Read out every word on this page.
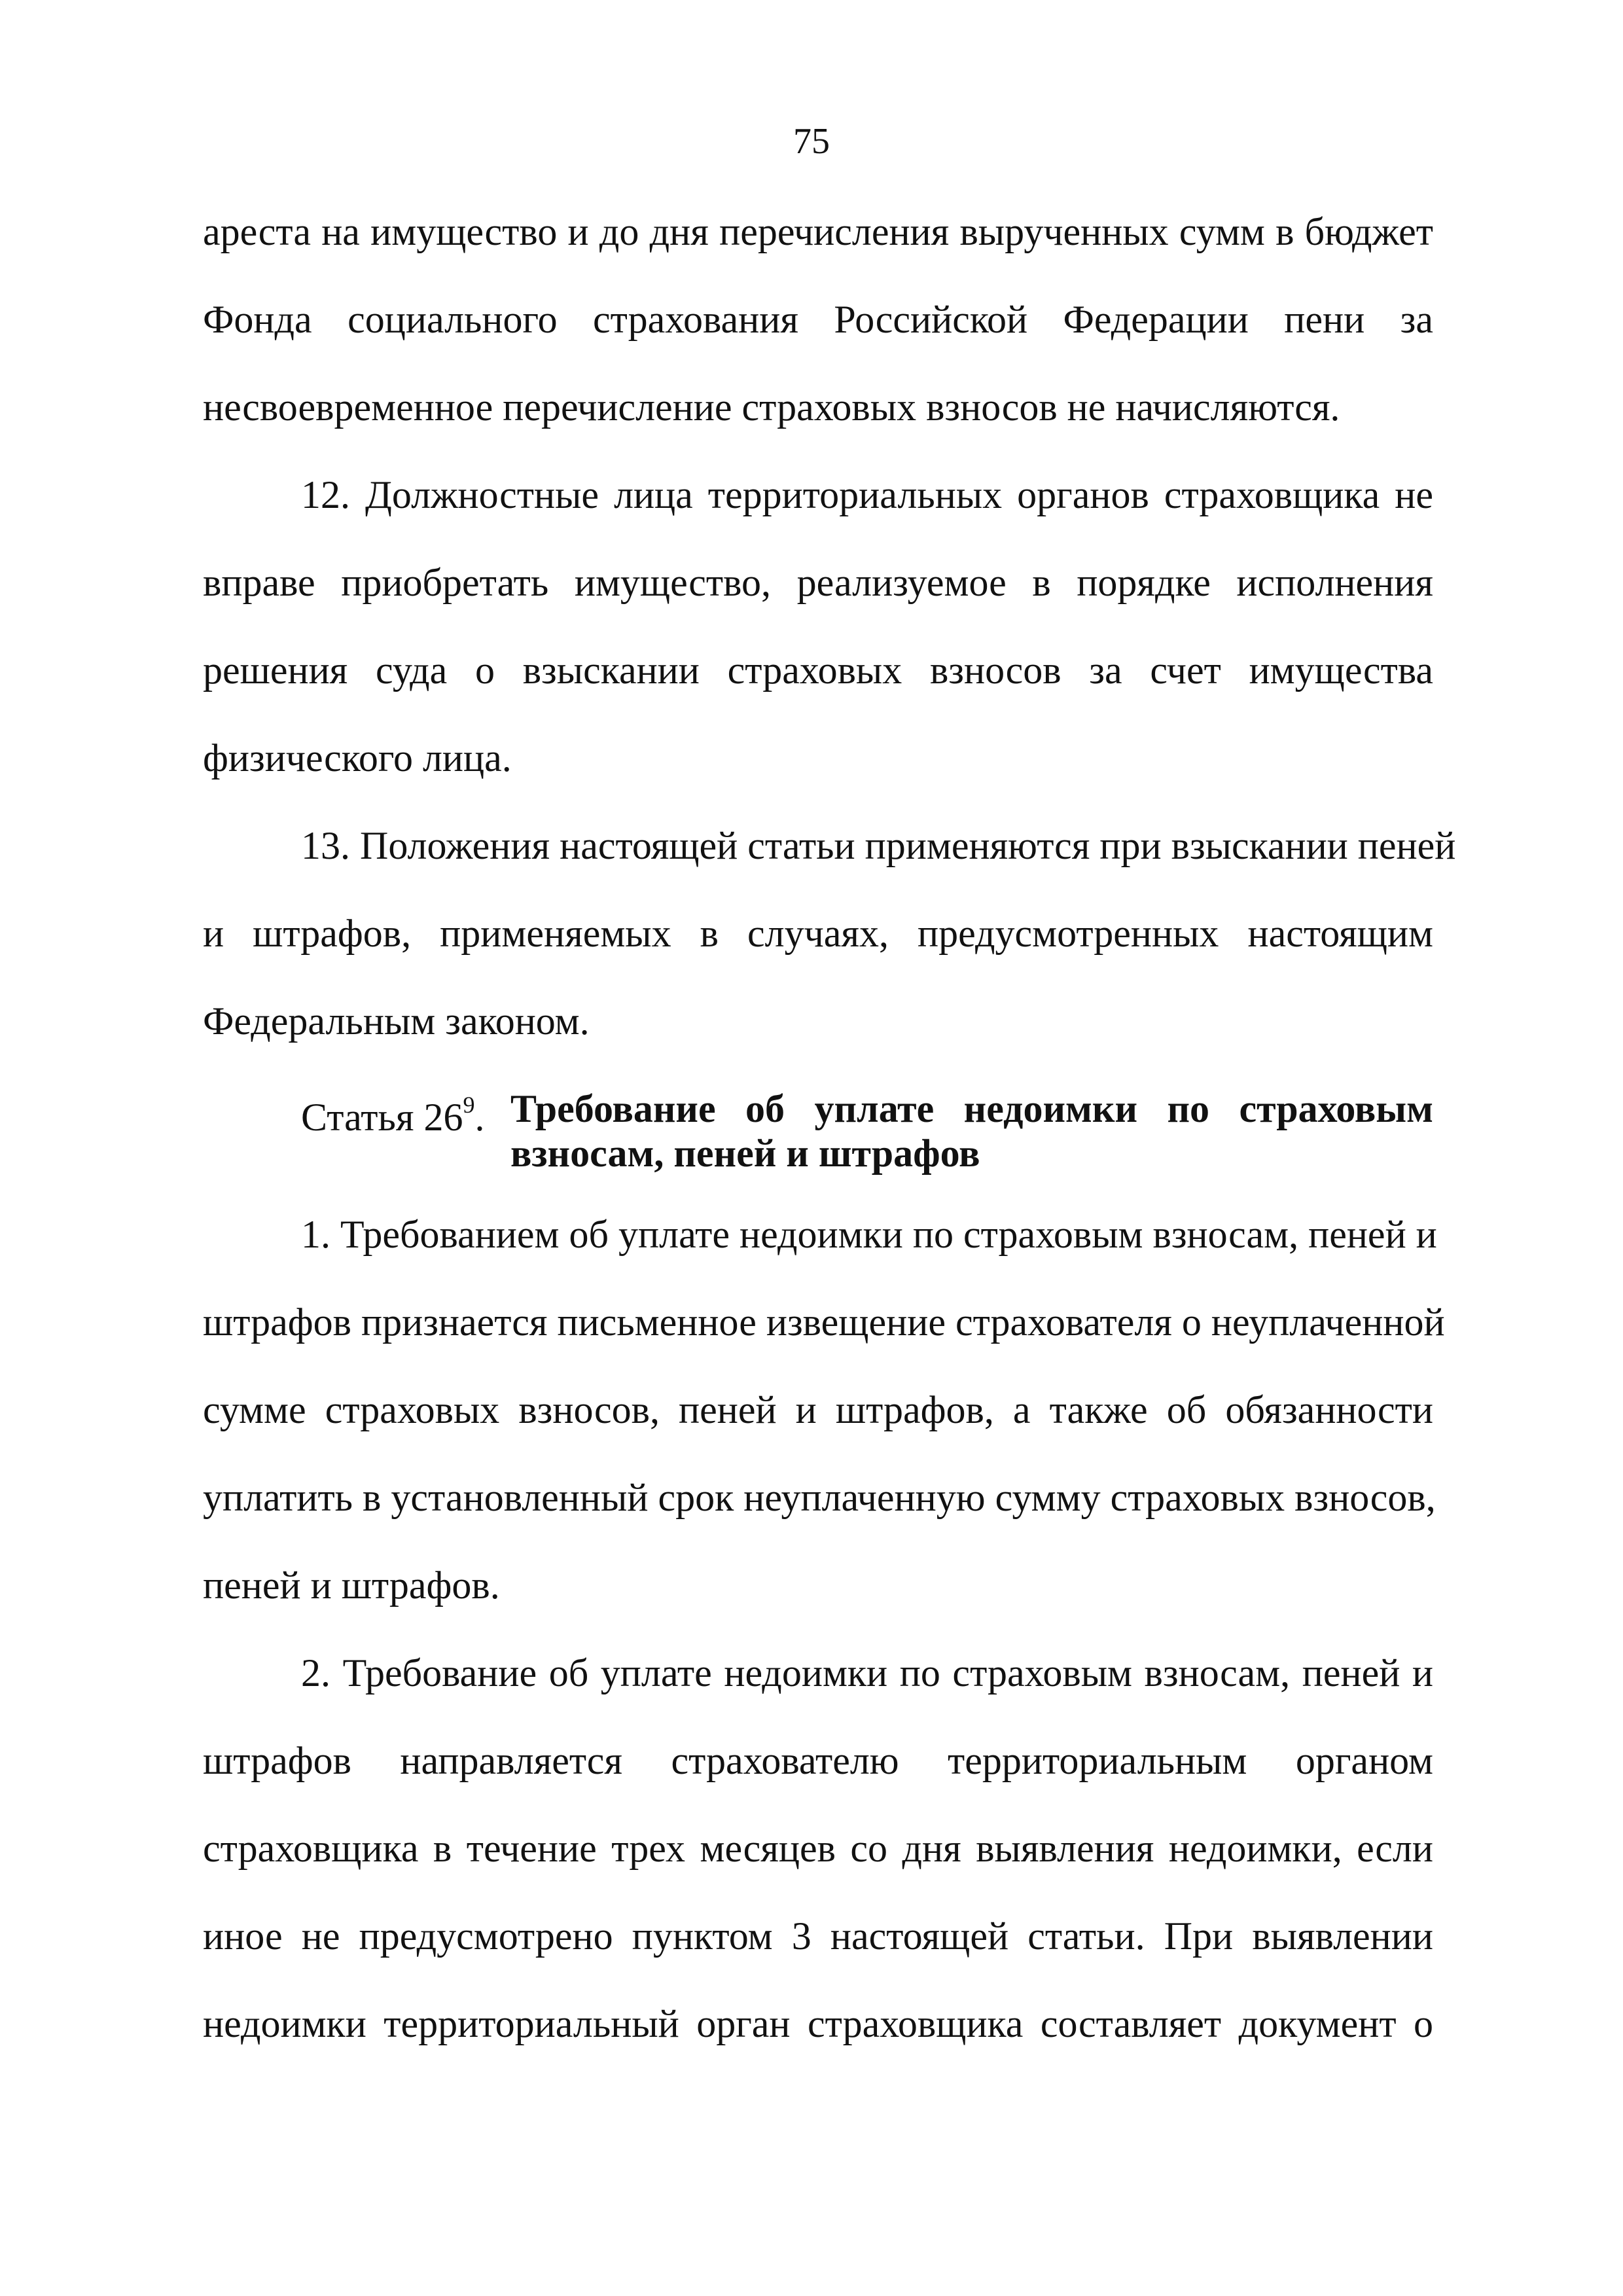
75
ареста на имущество и до дня перечисления вырученных сумм в бюджет
Фонда социального страхования Российской Федерации пени за
несвоевременное перечисление страховых взносов не начисляются.
12. Должностные лица территориальных органов страховщика не
вправе приобретать имущество, реализуемое в порядке исполнения
решения суда о взыскании страховых взносов за счет имущества
физического лица.
13. Положения настоящей статьи применяются при взыскании пеней
и штрафов, применяемых в случаях, предусмотренных настоящим
Федеральным законом.
Статья $26^9$. Требование об уплате недоимки по страховым
взносам, пеней и штрафов
1. Требованием об уплате недоимки по страховым взносам, пеней и
штрафов признается письменное извещение страхователя о неуплаченной
сумме страховых взносов, пеней и штрафов, а также об обязанности
уплатить в установленный срок неуплаченную сумму страховых взносов,
пеней и штрафов.
2. Требование об уплате недоимки по страховым взносам, пеней и
штрафов направляется страхователю территориальным органом
страховщика в течение трех месяцев со дня выявления недоимки, если
иное не предусмотрено пунктом 3 настоящей статьи. При выявлении
недоимки территориальный орган страховщика составляет документ о
